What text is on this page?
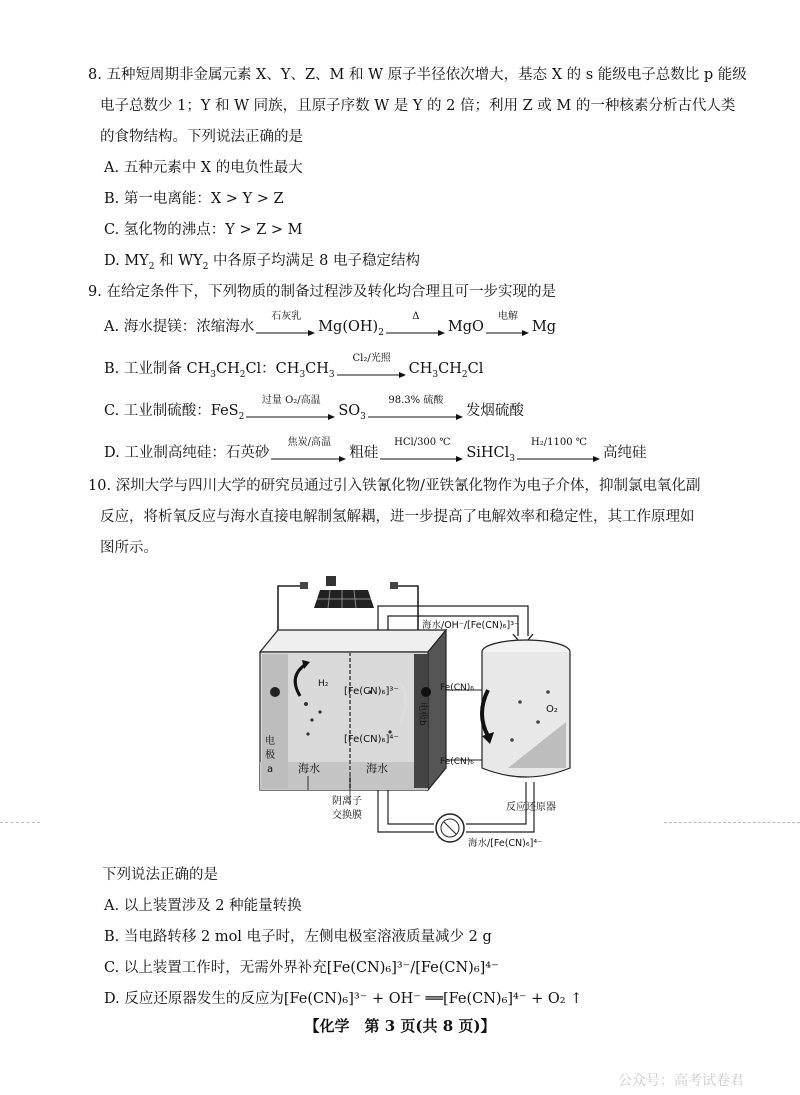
8. 五种短周期非金属元素 X、Y、Z、M 和 W 原子半径依次增大，基态 X 的 s 能级电子总数比 p 能级
电子总数少 1；Y 和 W 同族，且原子序数 W 是 Y 的 2 倍；利用 Z 或 M 的一种核素分析古代人类
的食物结构。下列说法正确的是
A. 五种元素中 X 的电负性最大
B. 第一电离能：X > Y > Z
C. 氢化物的沸点：Y > Z > M
D. $MY_2$ 和 $WY_2$ 中各原子均满足 8 电子稳定结构
9. 在给定条件下，下列物质的制备过程涉及转化均合理且可一步实现的是
A. 海水提镁：浓缩海水
石灰乳
$Mg(OH)_2$
Δ
MgO
电解
Mg
B. 工业制备 $CH_3CH_2Cl$：$CH_3CH_3$
Cl₂/光照
$CH_3CH_2Cl$
C. 工业制硫酸：FeS$_2$
过量 O₂/高温
$SO_3$
98.3% 硫酸
发烟硫酸
D. 工业制高纯硅：石英砂
焦炭/高温
粗硅
HCl/300 ℃
SiHCl$_3$
H₂/1100 ℃
高纯硅
10. 深圳大学与四川大学的研究员通过引入铁氰化物/亚铁氰化物作为电子介体，抑制氯电氧化副
反应，将析氧反应与海水直接电解制氢解耦，进一步提高了电解效率和稳定性，其工作原理如
图所示。
电
极
a
电极b
H₂
[Fe(CN)₆]³⁻
[Fe(CN)₆]⁴⁻
海水	海水
阴离子
交换膜
海水/OH⁻/[Fe(CN)₆]³⁻
Fe(CN)₆
Fe(CN)₆
O₂
反应还原器
海水/[Fe(CN)₆]⁴⁻
下列说法正确的是
A. 以上装置涉及 2 种能量转换
B. 当电路转移 2 mol 电子时，左侧电极室溶液质量减少 2 g
C. 以上装置工作时，无需外界补充[Fe(CN)₆]³⁻/[Fe(CN)₆]⁴⁻
D. 反应还原器发生的反应为[Fe(CN)₆]³⁻ + OH⁻ ══[Fe(CN)₆]⁴⁻ + O₂ ↑
【化学　第 3 页(共 8 页)】
公众号：高考试卷君
